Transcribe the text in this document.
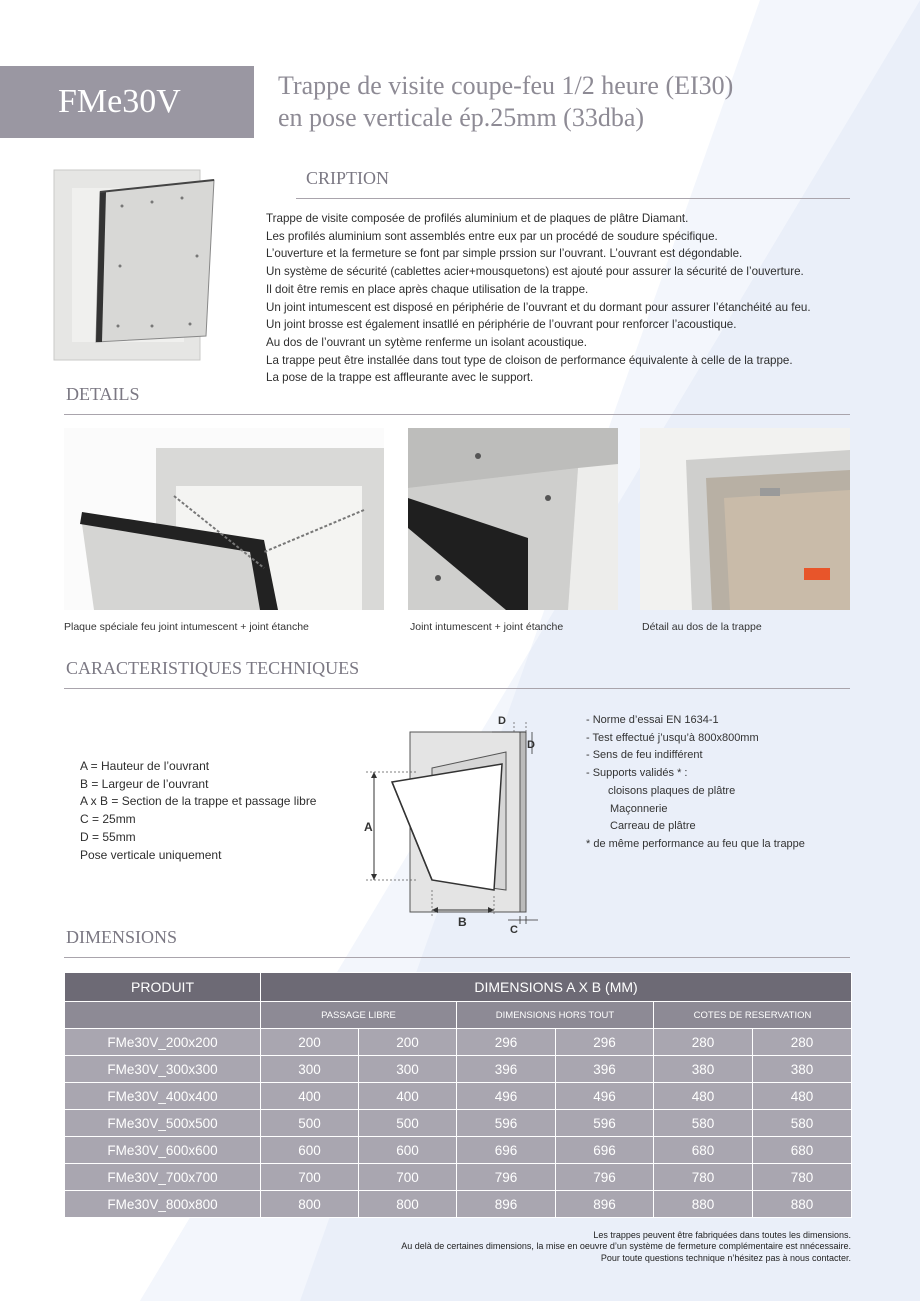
FMe30V	Trappe de visite coupe-feu 1/2 heure (EI30)
en pose verticale ép.25mm (33dba)
CRIPTION
Trappe de visite composée de profilés aluminium et de plaques de plâtre Diamant.
Les profilés aluminium sont assemblés entre eux par un procédé de soudure spécifique.
L’ouverture et la fermeture se font par simple prssion sur l’ouvrant. L’ouvrant est dégondable.
Un système de sécurité (cablettes acier+mousquetons) est ajouté pour assurer la sécurité de l’ouverture.
Il doit être remis en place après chaque utilisation de la trappe.
Un joint intumescent est disposé en périphérie de l’ouvrant et du dormant pour assurer l’étanchéité au feu.
Un joint brosse est également insatllé en périphérie de l’ouvrant pour renforcer l’acoustique.
Au dos de l’ouvrant un sytème renferme un isolant acoustique.
La trappe peut être installée dans tout type de cloison de performance équivalente à celle de la trappe.
La pose de la trappe est affleurante avec le support.
DETAILS
Plaque spéciale feu joint intumescent + joint étanche	Joint intumescent + joint étanche	Détail au dos de la trappe
CARACTERISTIQUES TECHNIQUES
A = Hauteur de l’ouvrant
B = Largeur de l’ouvrant
A x B = Section de la trappe et passage libre
C = 25mm
D = 55mm
Pose verticale uniquement
A
B
C
D
D
- Norme d’essai EN 1634-1
- Test effectué j’usqu’à 800x800mm
- Sens de feu indifférent
- Supports validés * :
cloisons plaques de plâtre
Maçonnerie
Carreau de plâtre
* de même performance au feu que la trappe
DIMENSIONS
PRODUIT	DIMENSIONS A X B (MM)					
	PASSAGE LIBRE		DIMENSIONS HORS TOUT		COTES DE RESERVATION	
FMe30V_200x200	200	200	296	296	280	280
FMe30V_300x300	300	300	396	396	380	380
FMe30V_400x400	400	400	496	496	480	480
FMe30V_500x500	500	500	596	596	580	580
FMe30V_600x600	600	600	696	696	680	680
FMe30V_700x700	700	700	796	796	780	780
FMe30V_800x800	800	800	896	896	880	880
Les trappes peuvent être fabriquées dans toutes les dimensions.
Au delà de certaines dimensions, la mise en oeuvre d’un système de fermeture complémentaire est nnécessaire.
Pour toute questions technique n’hésitez pas à nous contacter.
